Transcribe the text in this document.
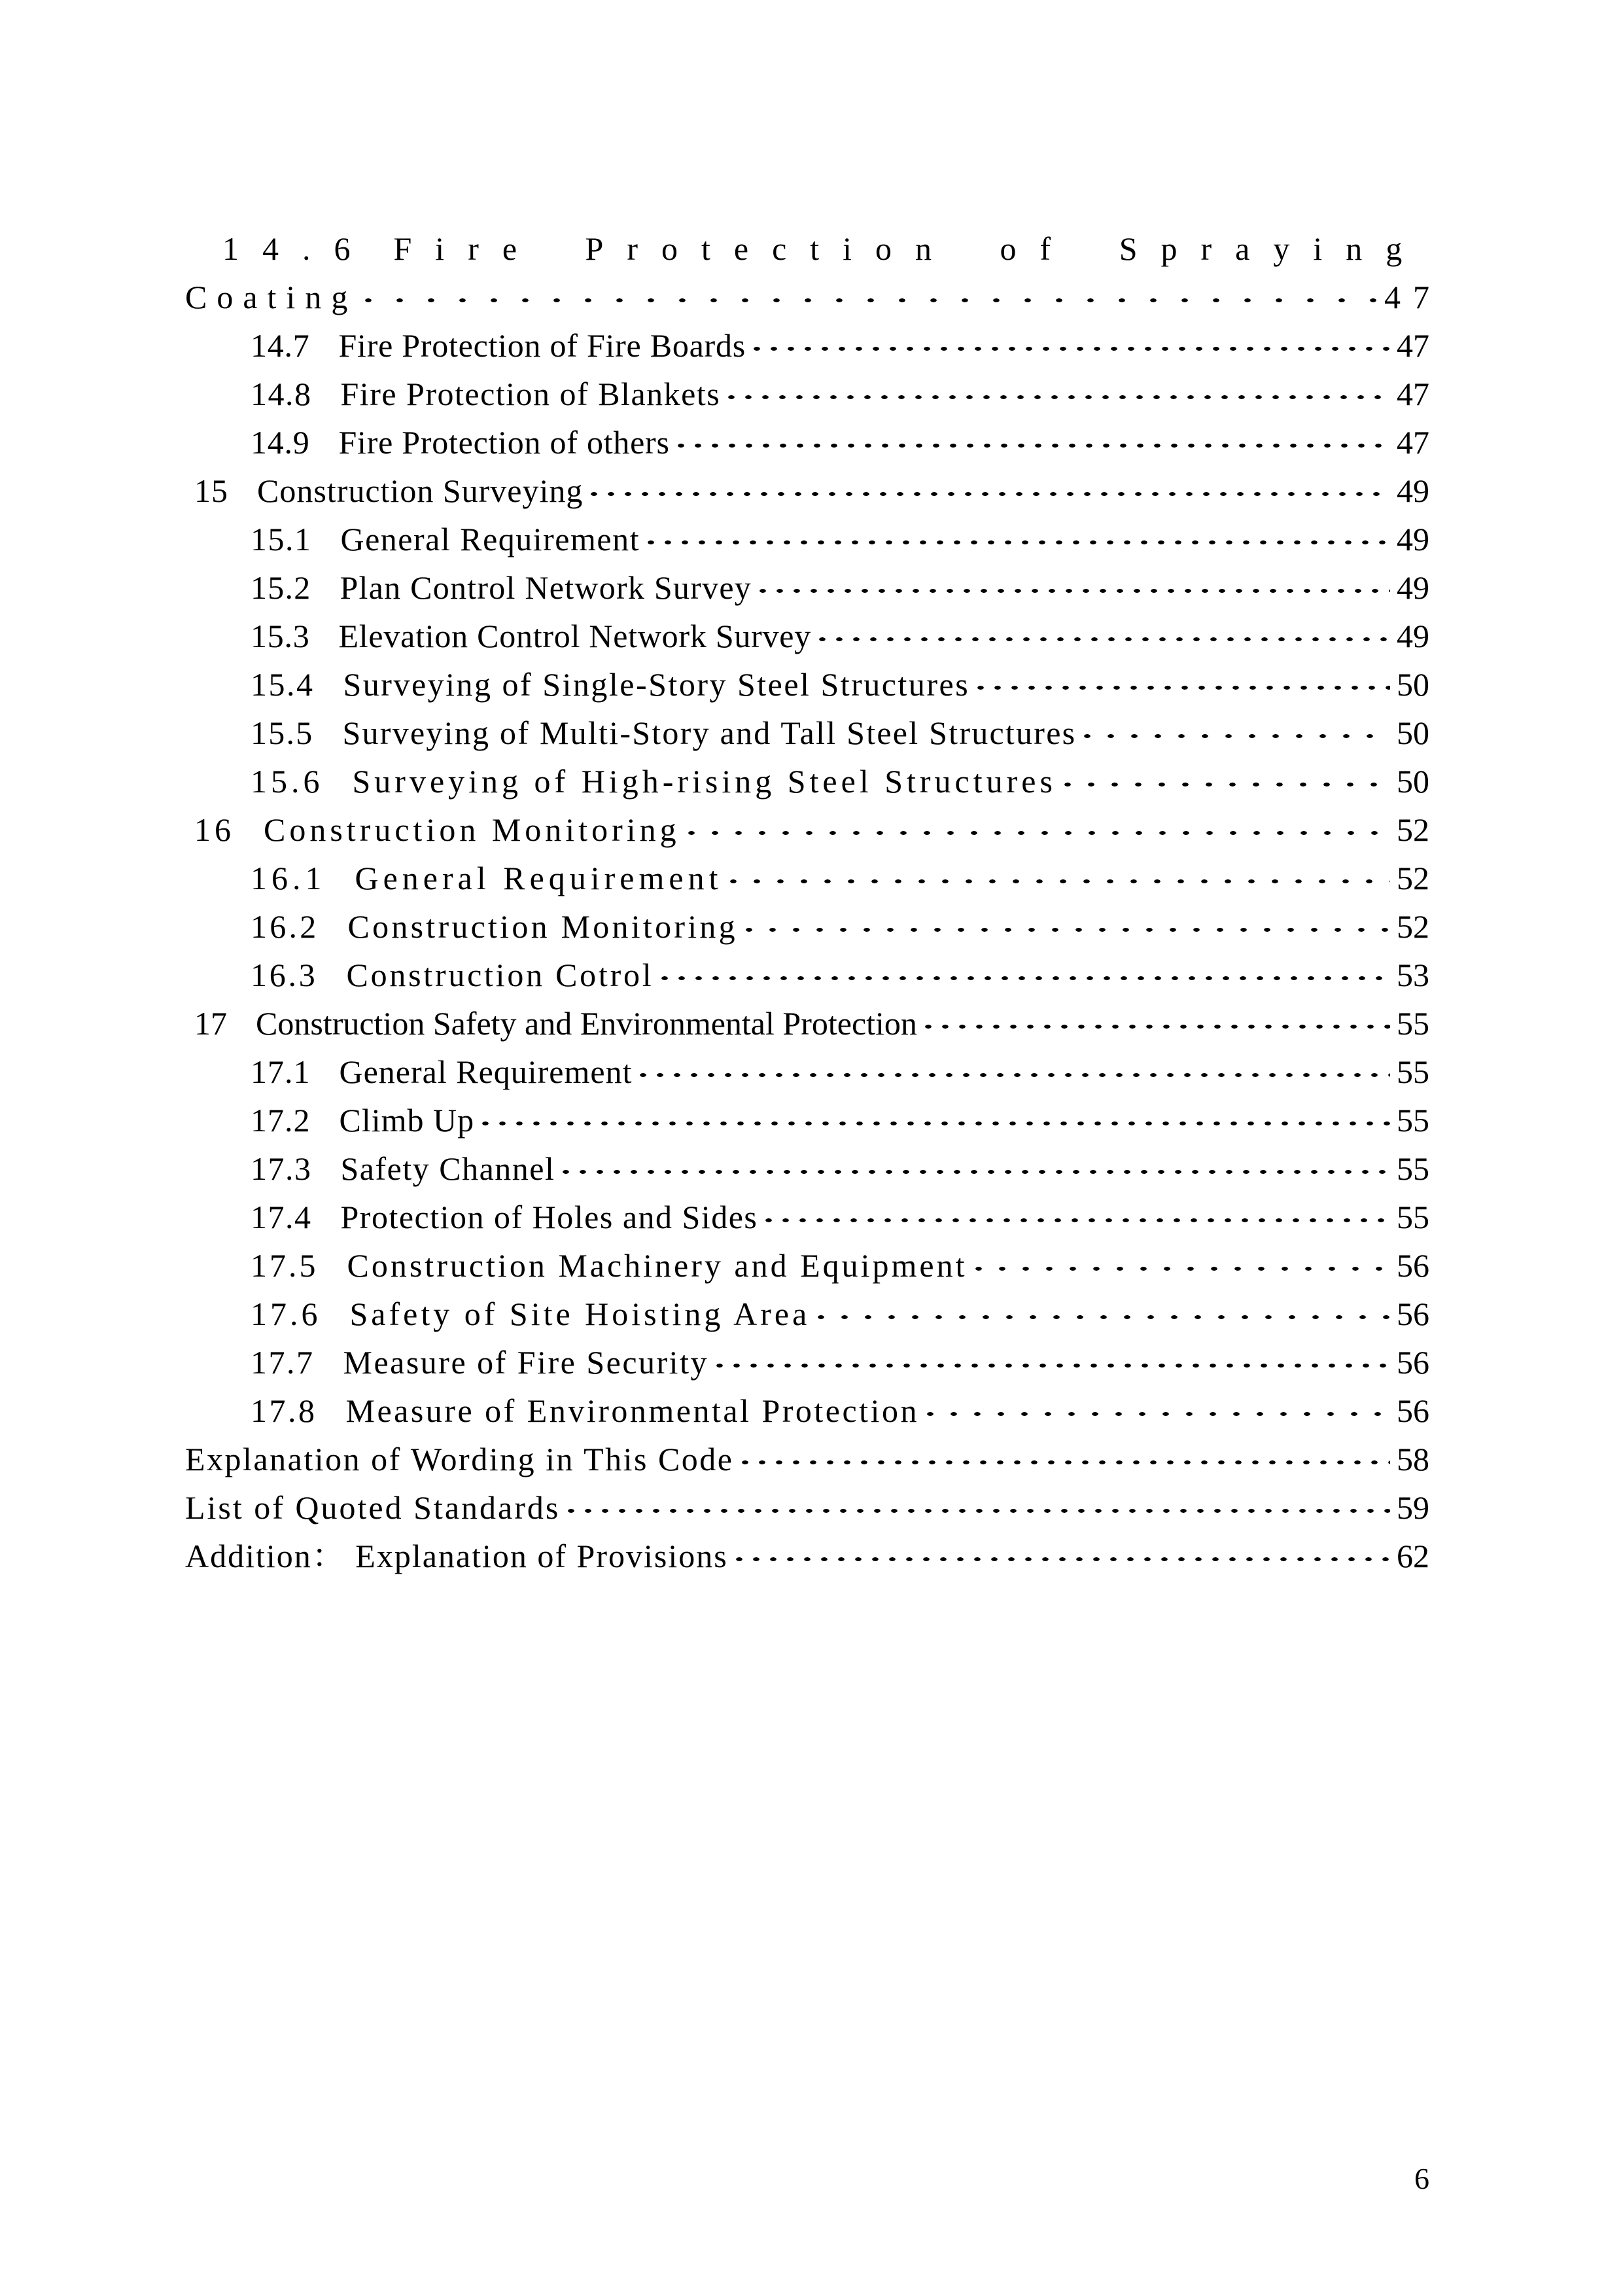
14.6 Fire Protection of Spraying
Coating	47
14.7 Fire Protection of Fire Boards	47
14.8 Fire Protection of Blankets	47
14.9 Fire Protection of others	47
15 Construction Surveying	49
15.1 General Requirement	49
15.2 Plan Control Network Survey	49
15.3 Elevation Control Network Survey	49
15.4 Surveying of Single-Story Steel Structures	50
15.5 Surveying of Multi-Story and Tall Steel Structures	50
15.6 Surveying of High-rising Steel Structures	50
16 Construction Monitoring	52
16.1 General Requirement	52
16.2 Construction Monitoring	52
16.3 Construction Cotrol	53
17 Construction Safety and Environmental Protection	55
17.1 General Requirement	55
17.2 Climb Up	55
17.3 Safety Channel	55
17.4 Protection of Holes and Sides	55
17.5 Construction Machinery and Equipment	56
17.6 Safety of Site Hoisting Area	56
17.7 Measure of Fire Security	56
17.8 Measure of Environmental Protection	56
Explanation of Wording in This Code	58
List of Quoted Standards	59
Addition： Explanation of Provisions	62
6
